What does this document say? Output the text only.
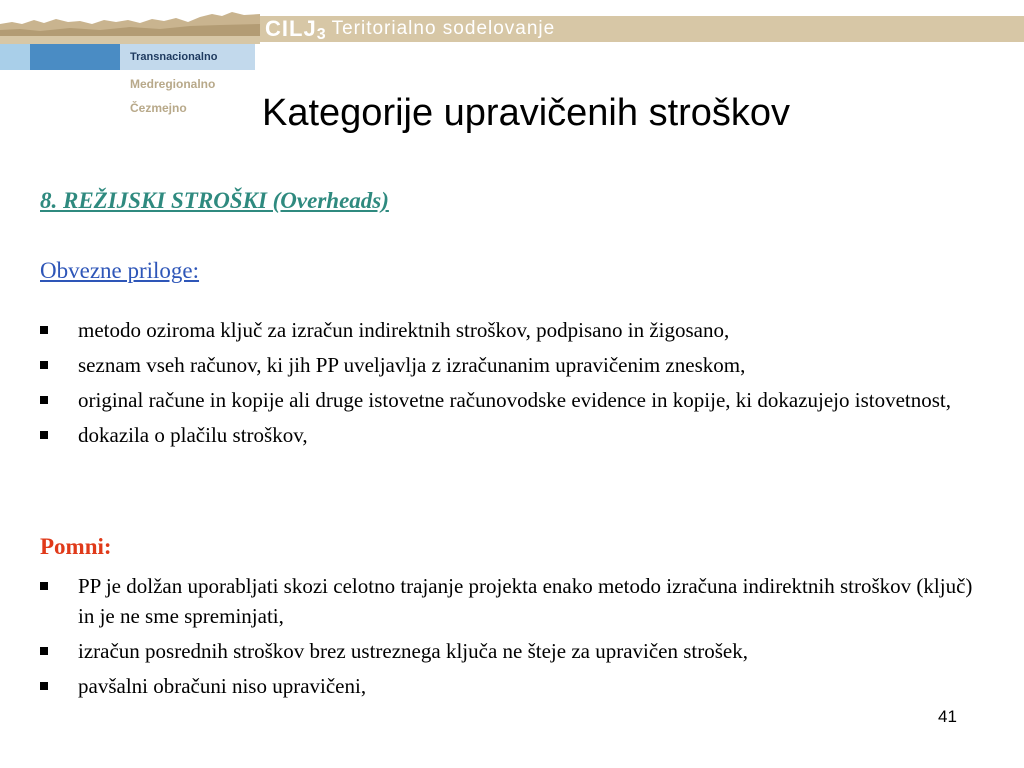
CILJ 3 Teritorialno sodelovanje
Transnacionalno
Medregionalno
Čezmejno Kategorije upravičenih stroškov
8. REŽIJSKI STROŠKI (Overheads)
Obvezne priloge:
metodo oziroma ključ za izračun indirektnih stroškov, podpisano in žigosano,
seznam vseh računov, ki jih PP uveljavlja z izračunanim upravičenim zneskom,
original račune in kopije ali druge istovetne računovodske evidence in kopije, ki dokazujejo istovetnost,
dokazila o plačilu stroškov,
Pomni:
PP je dolžan uporabljati skozi celotno trajanje projekta enako metodo izračuna indirektnih stroškov (ključ) in je ne sme spreminjati,
izračun posrednih stroškov brez ustreznega ključa ne šteje za upravičen strošek,
pavšalni obračuni niso upravičeni,
41
